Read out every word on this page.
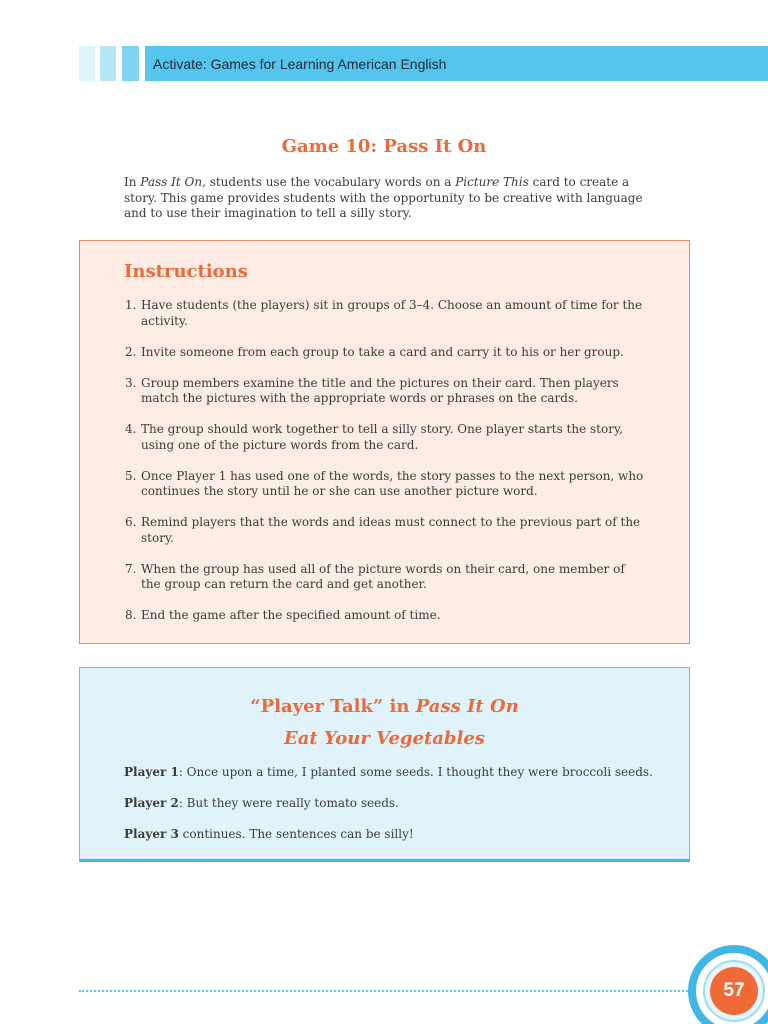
Activate: Games for Learning American English
Game 10: Pass It On

In Pass It On, students use the vocabulary words on a Picture This card to create a story. This game provides students with the opportunity to be creative with language and to use their imagination to tell a silly story.

Instructions
1. Have students (the players) sit in groups of 3–4. Choose an amount of time for the activity.
2. Invite someone from each group to take a card and carry it to his or her group.
3. Group members examine the title and the pictures on their card. Then players match the pictures with the appropriate words or phrases on the cards.
4. The group should work together to tell a silly story. One player starts the story, using one of the picture words from the card.
5. Once Player 1 has used one of the words, the story passes to the next person, who continues the story until he or she can use another picture word.
6. Remind players that the words and ideas must connect to the previous part of the story.
7. When the group has used all of the picture words on their card, one member of the group can return the card and get another.
8. End the game after the specified amount of time.
“Player Talk” in Pass It On
Eat Your Vegetables
Player 1: Once upon a time, I planted some seeds. I thought they were broccoli seeds.
Player 2: But they were really tomato seeds.
Player 3 continues. The sentences can be silly!
57
